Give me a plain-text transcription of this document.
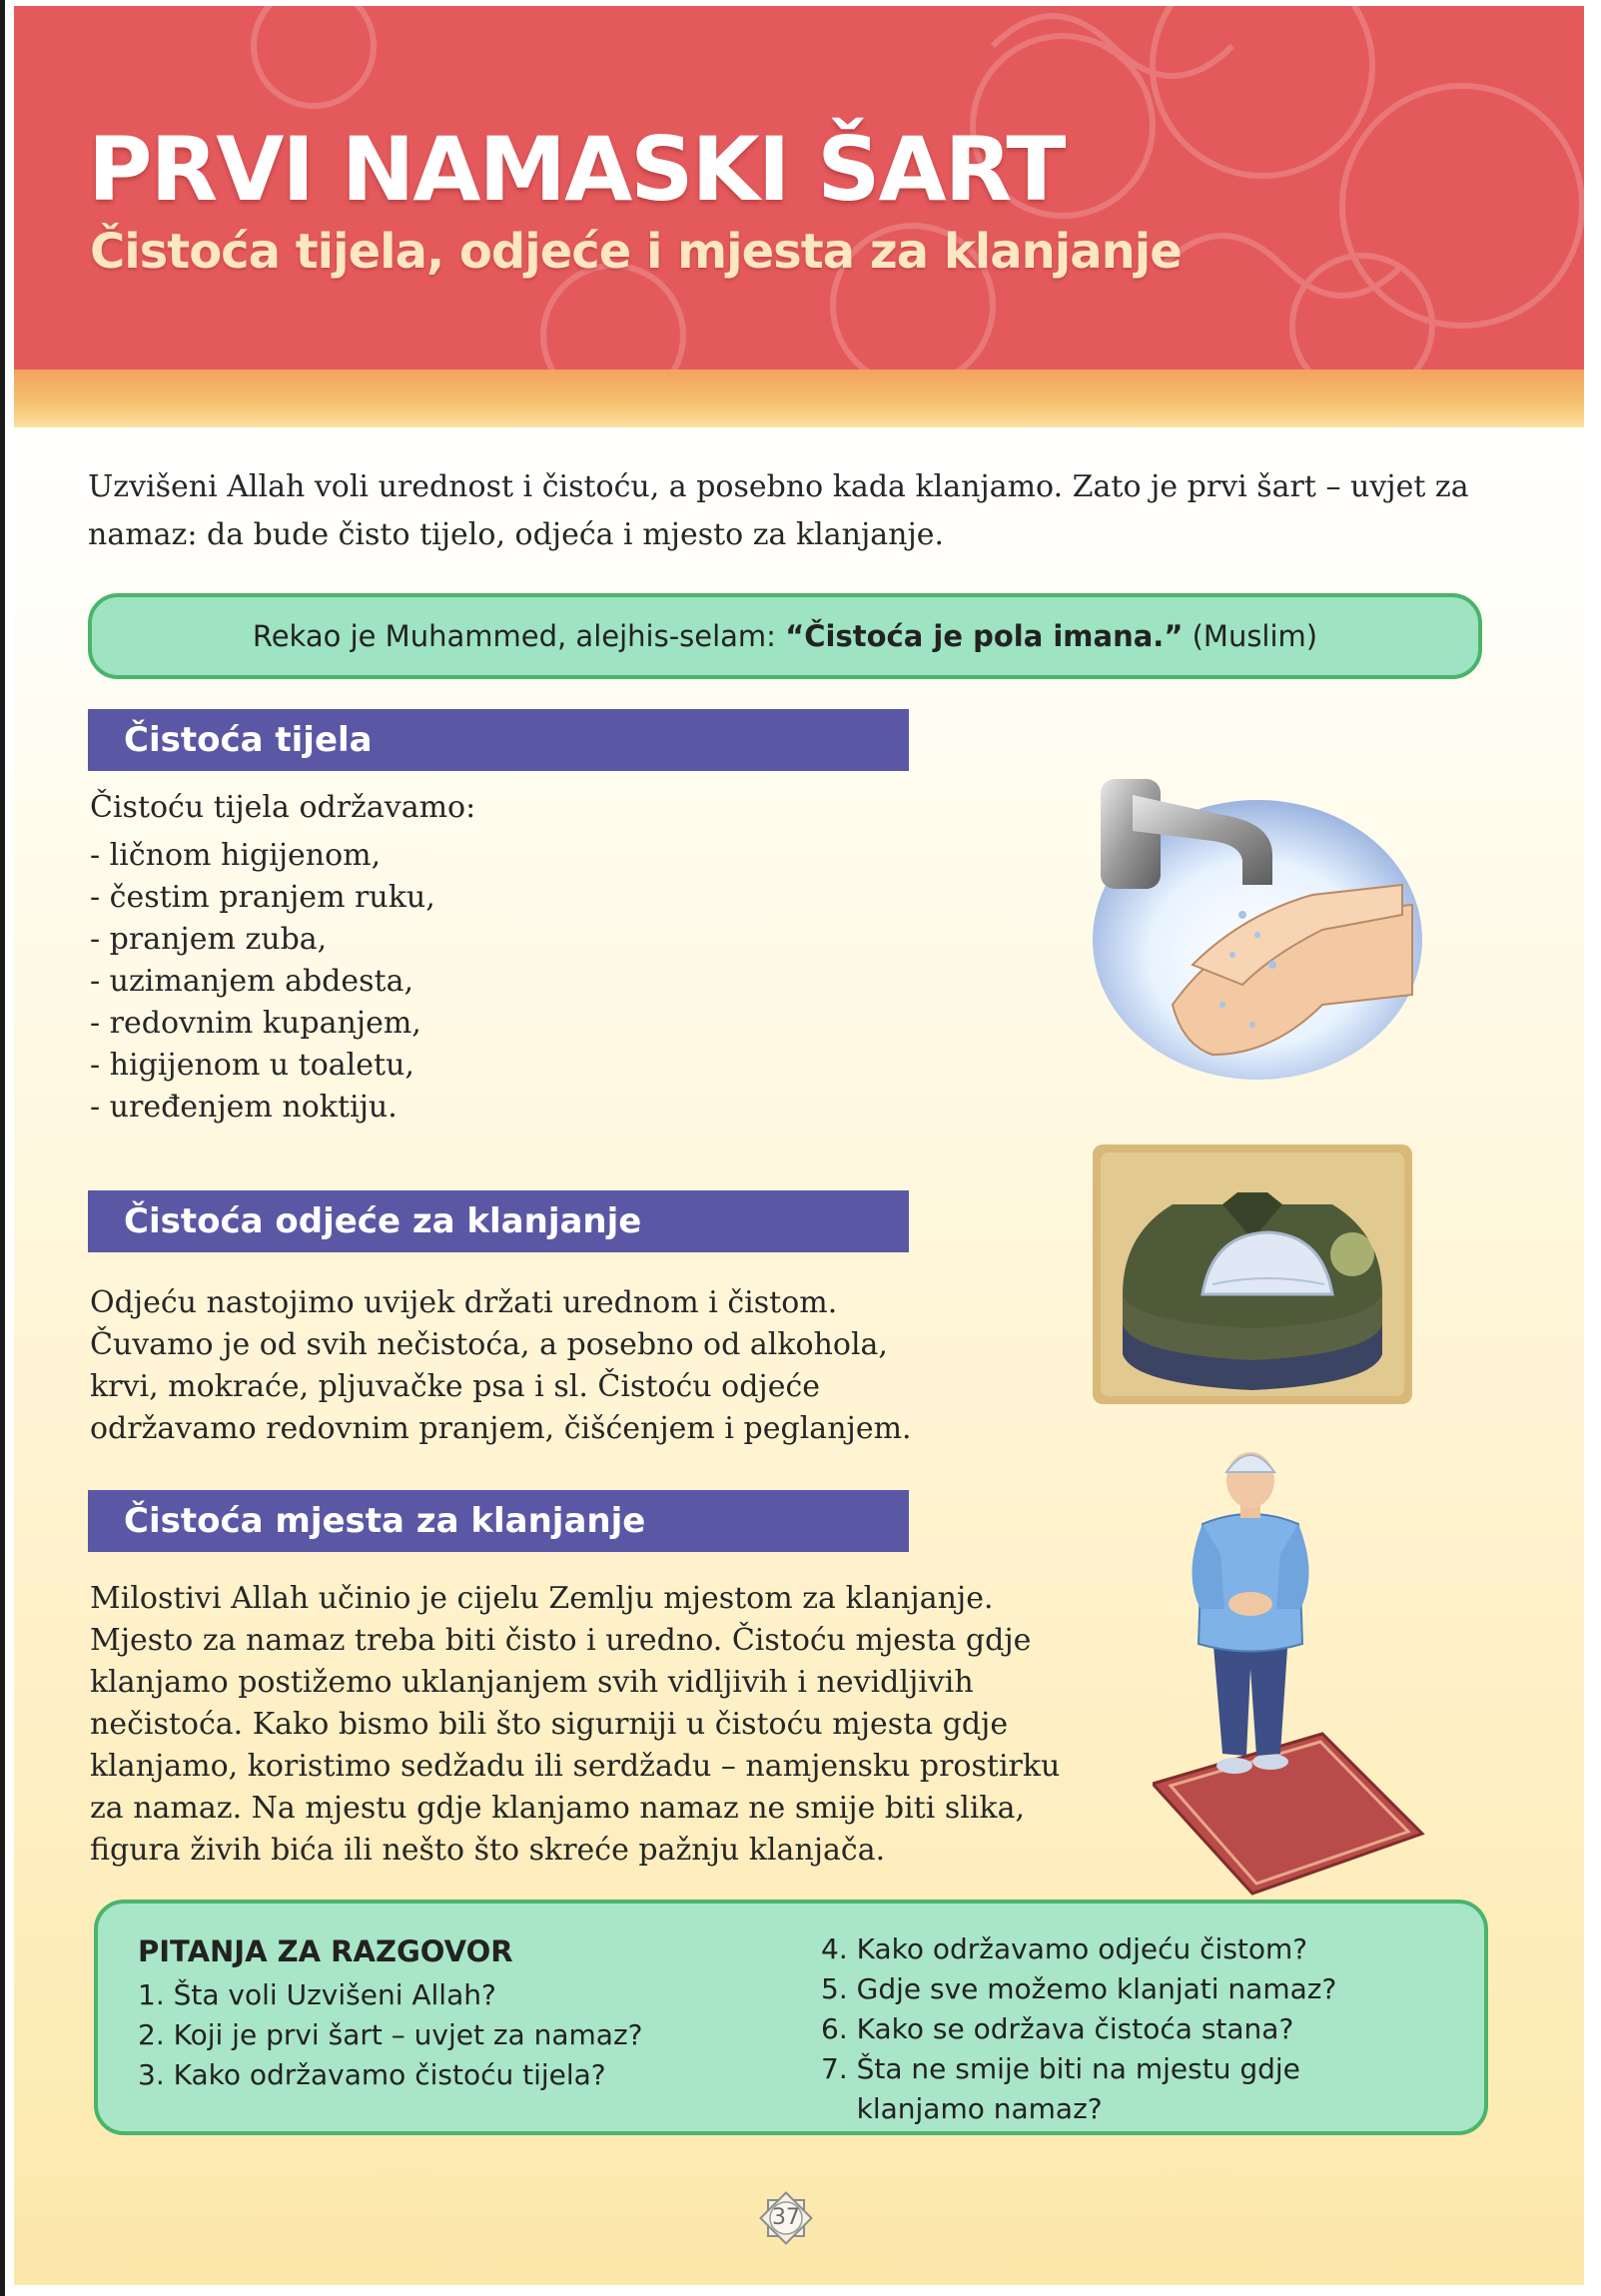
PRVI NAMASKI ŠART
Čistoća tijela, odjeće i mjesta za klanjanje
Uzvišeni Allah voli urednost i čistoću, a posebno kada klanjamo. Zato je prvi šart – uvjet za
namaz: da bude čisto tijelo, odjeća i mjesto za klanjanje.
Rekao je Muhammed, alejhis-selam: “Čistoća je pola imana.” (Muslim)
Čistoća tijela
Čistoću tijela održavamo:
- ličnom higijenom,
- čestim pranjem ruku,
- pranjem zuba,
- uzimanjem abdesta,
- redovnim kupanjem,
- higijenom u toaletu,
- uređenjem noktiju.
Čistoća odjeće za klanjanje
Odjeću nastojimo uvijek držati urednom i čistom.
Čuvamo je od svih nečistoća, a posebno od alkohola,
krvi, mokraće, pljuvačke psa i sl. Čistoću odjeće
održavamo redovnim pranjem, čišćenjem i peglanjem.
Čistoća mjesta za klanjanje
Milostivi Allah učinio je cijelu Zemlju mjestom za klanjanje.
Mjesto za namaz treba biti čisto i uredno. Čistoću mjesta gdje
klanjamo postižemo uklanjanjem svih vidljivih i nevidljivih
nečistoća. Kako bismo bili što sigurniji u čistoću mjesta gdje
klanjamo, koristimo sedžadu ili serdžadu – namjensku prostirku
za namaz. Na mjestu gdje klanjamo namaz ne smije biti slika,
figura živih bića ili nešto što skreće pažnju klanjača.
PITANJA ZA RAZGOVOR
1. Šta voli Uzvišeni Allah?
2. Koji je prvi šart – uvjet za namaz?
3. Kako održavamo čistoću tijela?
4. Kako održavamo odjeću čistom?
5. Gdje sve možemo klanjati namaz?
6. Kako se održava čistoća stana?
7. Šta ne smije biti na mjestu gdje
klanjamo namaz?
37
